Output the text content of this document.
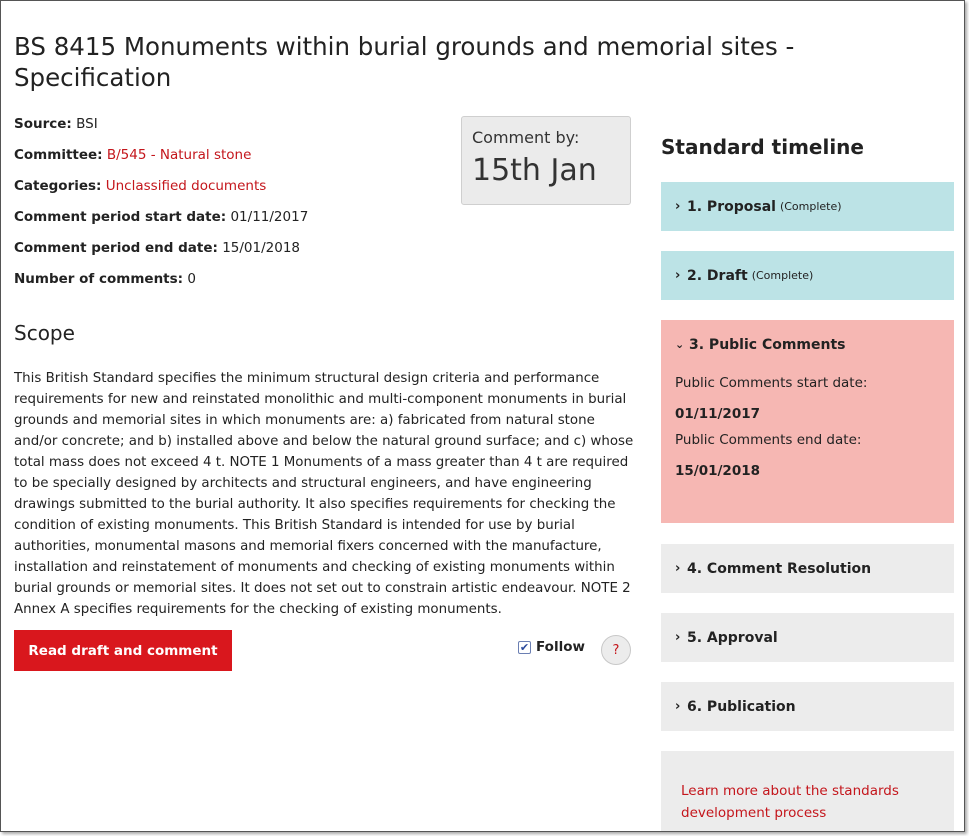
BS 8415 Monuments within burial grounds and memorial sites - Specification
Source: BSI
Committee: B/545 - Natural stone
Categories: Unclassified documents
Comment period start date: 01/11/2017
Comment period end date: 15/01/2018
Number of comments: 0
Comment by:
15th Jan
Scope

This British Standard specifies the minimum structural design criteria and performance requirements for new and reinstated monolithic and multi-component monuments in burial grounds and memorial sites in which monuments are: a) fabricated from natural stone and/or concrete; and b) installed above and below the natural ground surface; and c) whose total mass does not exceed 4 t. NOTE 1 Monuments of a mass greater than 4 t are required to be specially designed by architects and structural engineers, and have engineering drawings submitted to the burial authority. It also specifies requirements for checking the condition of existing monuments. This British Standard is intended for use by burial authorities, monumental masons and memorial fixers concerned with the manufacture, installation and reinstatement of monuments and checking of existing monuments within burial grounds or memorial sites. It does not set out to constrain artistic endeavour. NOTE 2 Annex A specifies requirements for the checking of existing monuments.

Read draft and comment	✔ Follow	?
Standard timeline
› 1. Proposal (Complete)
› 2. Draft (Complete)
⌄ 3. Public Comments
Public Comments start date:
01/11/2017
Public Comments end date:
15/01/2018
› 4. Comment Resolution
› 5. Approval
› 6. Publication
Learn more about the standards development process
